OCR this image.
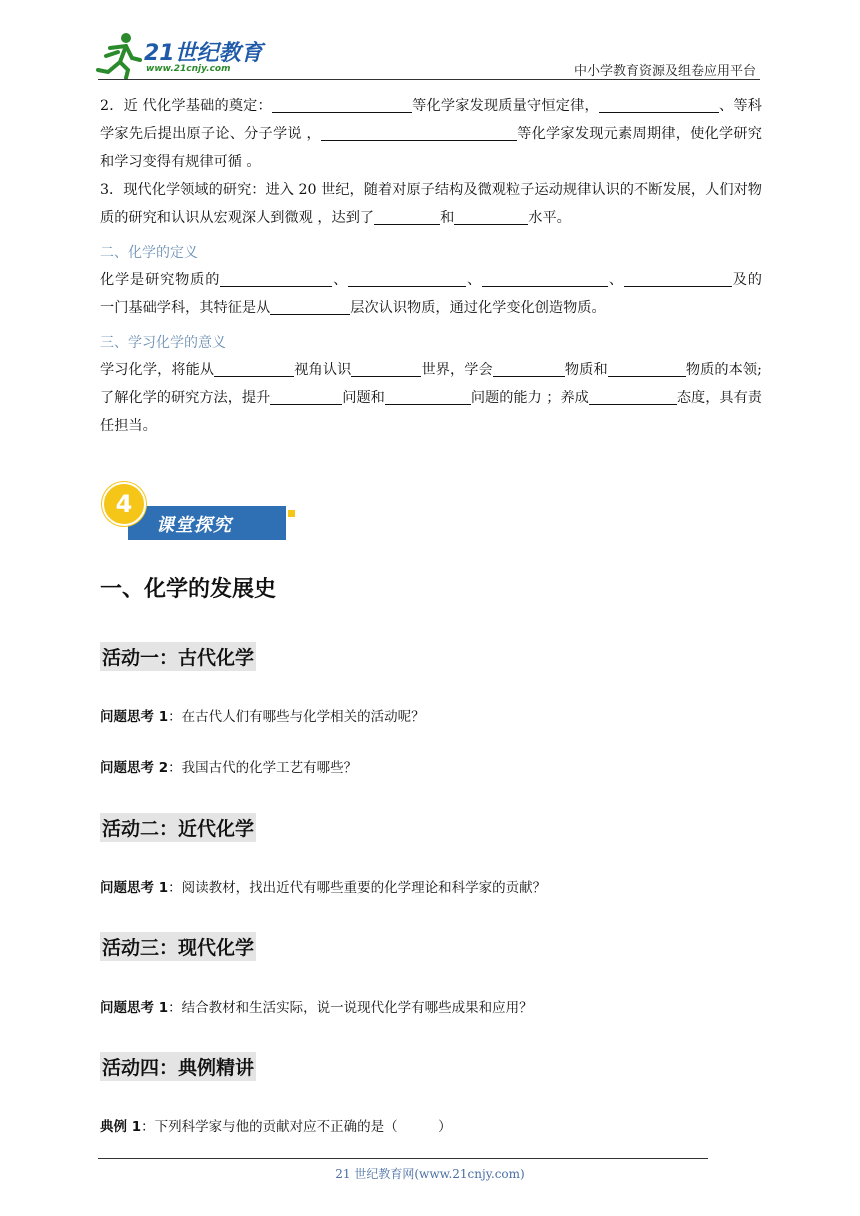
21世纪教育
www.21cnjy.com	中小学教育资源及组卷应用平台

2．近 代化学基础的奠定：	等化学家发现质量守恒定律，	、等科学家先后提出原子论、分子学说 ，	等化学家发现元素周期律，使化学研究和学习变得有规律可循 。

3．现代化学领域的研究：进入 20 世纪，随着对原子结构及微观粒子运动规律认识的不断发展，人们对物质的研究和认识从宏观深人到微观 ，达到了	和	水平。

二、化学的定义

化学是研究物质的	、	、	、	及的一门基础学科，其特征是从	层次认识物质，通过化学变化创造物质。

三、学习化学的意义

学习化学，将能从	视角认识	世界，学会	物质和	物质的本领;了解化学的研究方法，提升	问题和	问题的能力 ；养成	态度，具有责任担当。

课堂探究
4
一、化学的发展史
活动一：古代化学
问题思考 1：在古代人们有哪些与化学相关的活动呢？
问题思考 2：我国古代的化学工艺有哪些？
活动二：近代化学
问题思考 1：阅读教材，找出近代有哪些重要的化学理论和科学家的贡献？
活动三：现代化学
问题思考 1：结合教材和生活实际，说一说现代化学有哪些成果和应用？
活动四：典例精讲
典例 1：下列科学家与他的贡献对应不正确的是（　　　）
21 世纪教育网(www.21cnjy.com)
